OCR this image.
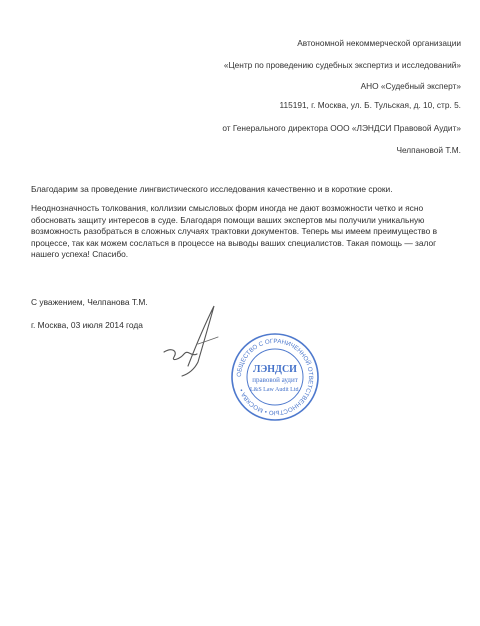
Автономной некоммерческой организации
«Центр по проведению судебных экспертиз и исследований»
АНО «Судебный эксперт»
115191, г. Москва, ул. Б. Тульская, д. 10, стр. 5.
от Генерального директора ООО «ЛЭНДСИ Правовой Аудит»
Челпановой Т.М.
Благодарим за проведение лингвистического исследования качественно и в короткие сроки.
Неоднозначность толкования, коллизии смысловых форм иногда не дают возможности четко и ясно обосновать защиту интересов в суде. Благодаря помощи ваших экспертов мы получили уникальную возможность разобраться в сложных случаях трактовки документов. Теперь мы имеем преимущество в процессе, так как можем сослаться в процессе на выводы ваших специалистов. Такая помощь — залог нашего успеха! Спасибо.
С уважением, Челпанова Т.М.
г. Москва, 03 июля 2014 года
ОБЩЕСТВО С ОГРАНИЧЕННОЙ ОТВЕТСТВЕННОСТЬЮ • МОСКВА •
ЛЭНДСИ
правовой аудит
L&S Law Audit Ltd.
